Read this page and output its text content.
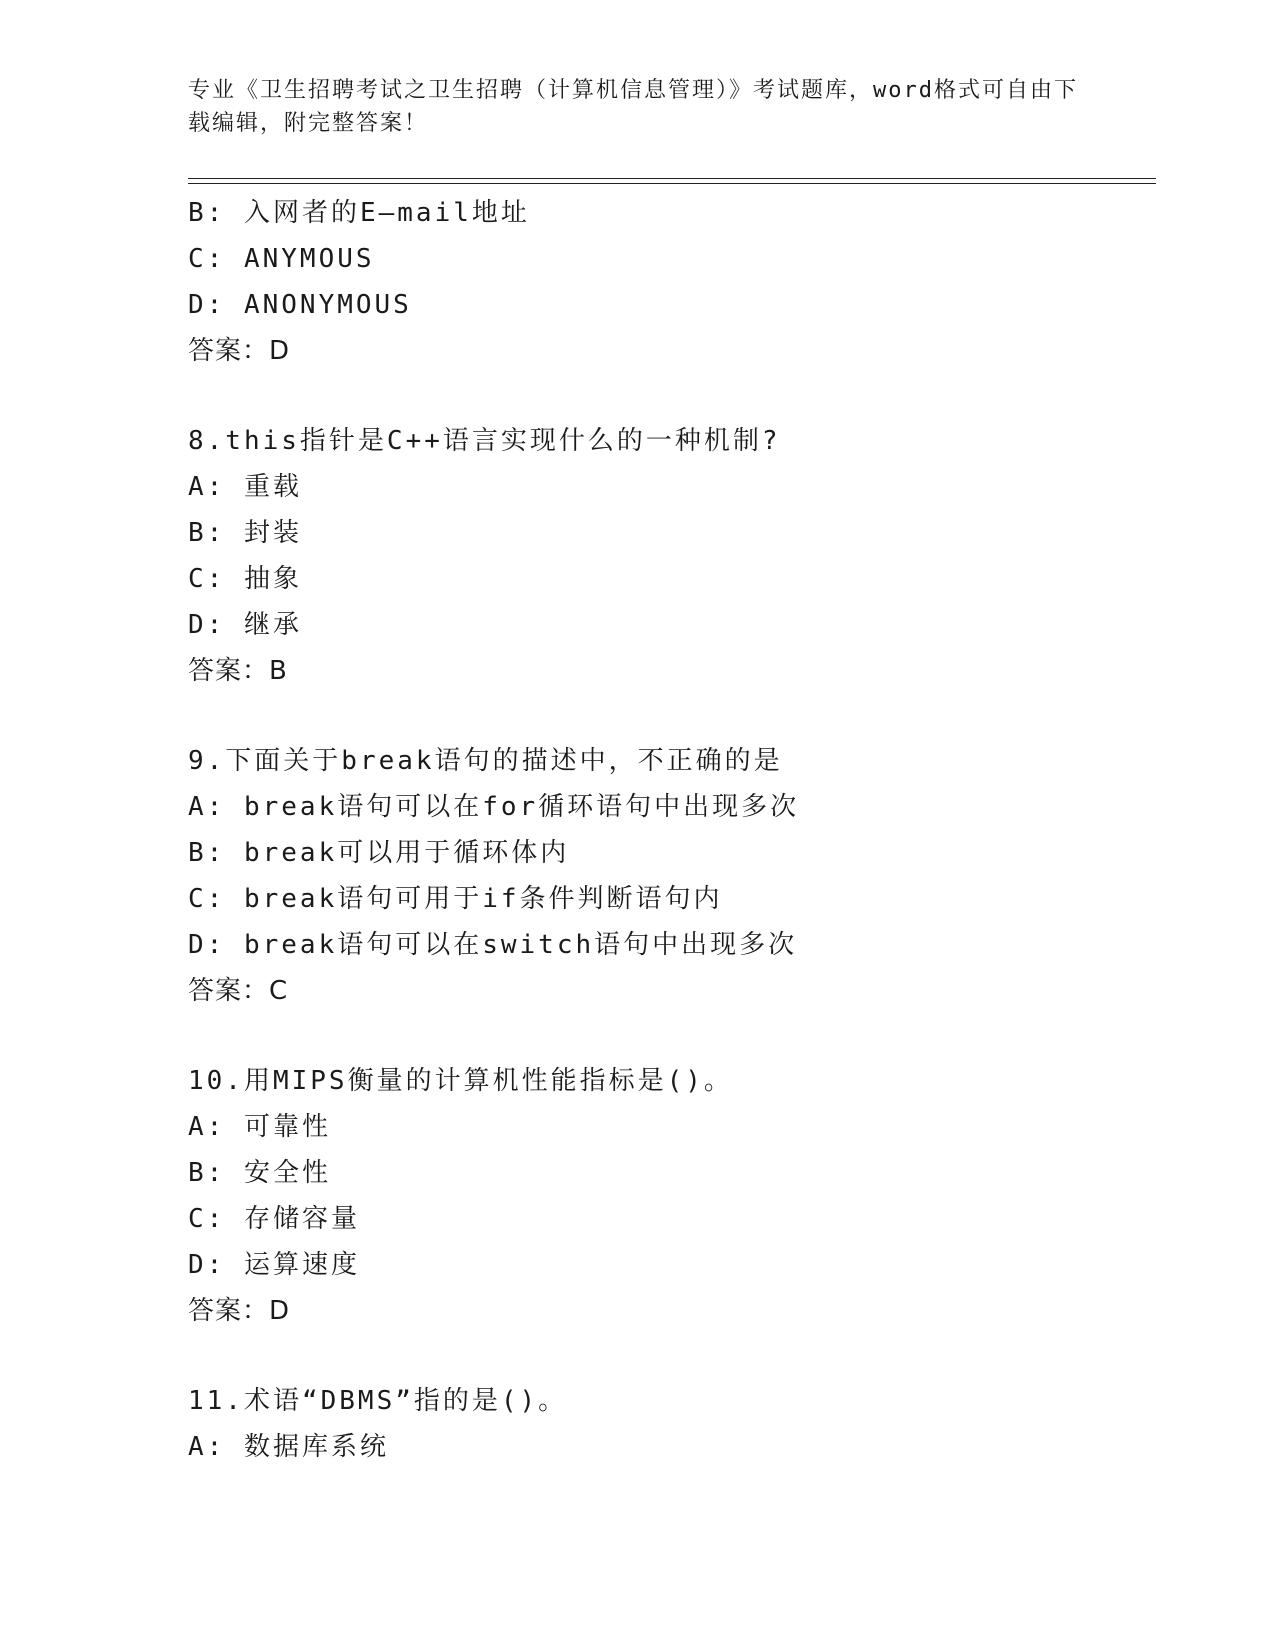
专业《卫生招聘考试之卫生招聘（计算机信息管理）》考试题库，word格式可自由下载编辑，附完整答案！
B: 入网者的E—mail地址
C: ANYMOUS
D: ANONYMOUS
答案：D
8.this指针是C++语言实现什么的一种机制?
A: 重载
B: 封装
C: 抽象
D: 继承
答案：B
9.下面关于break语句的描述中，不正确的是
A: break语句可以在for循环语句中出现多次
B: break可以用于循环体内
C: break语句可用于if条件判断语句内
D: break语句可以在switch语句中出现多次
答案：C
10.用MIPS衡量的计算机性能指标是()。
A: 可靠性
B: 安全性
C: 存储容量
D: 运算速度
答案：D
11.术语“DBMS”指的是()。
A: 数据库系统
